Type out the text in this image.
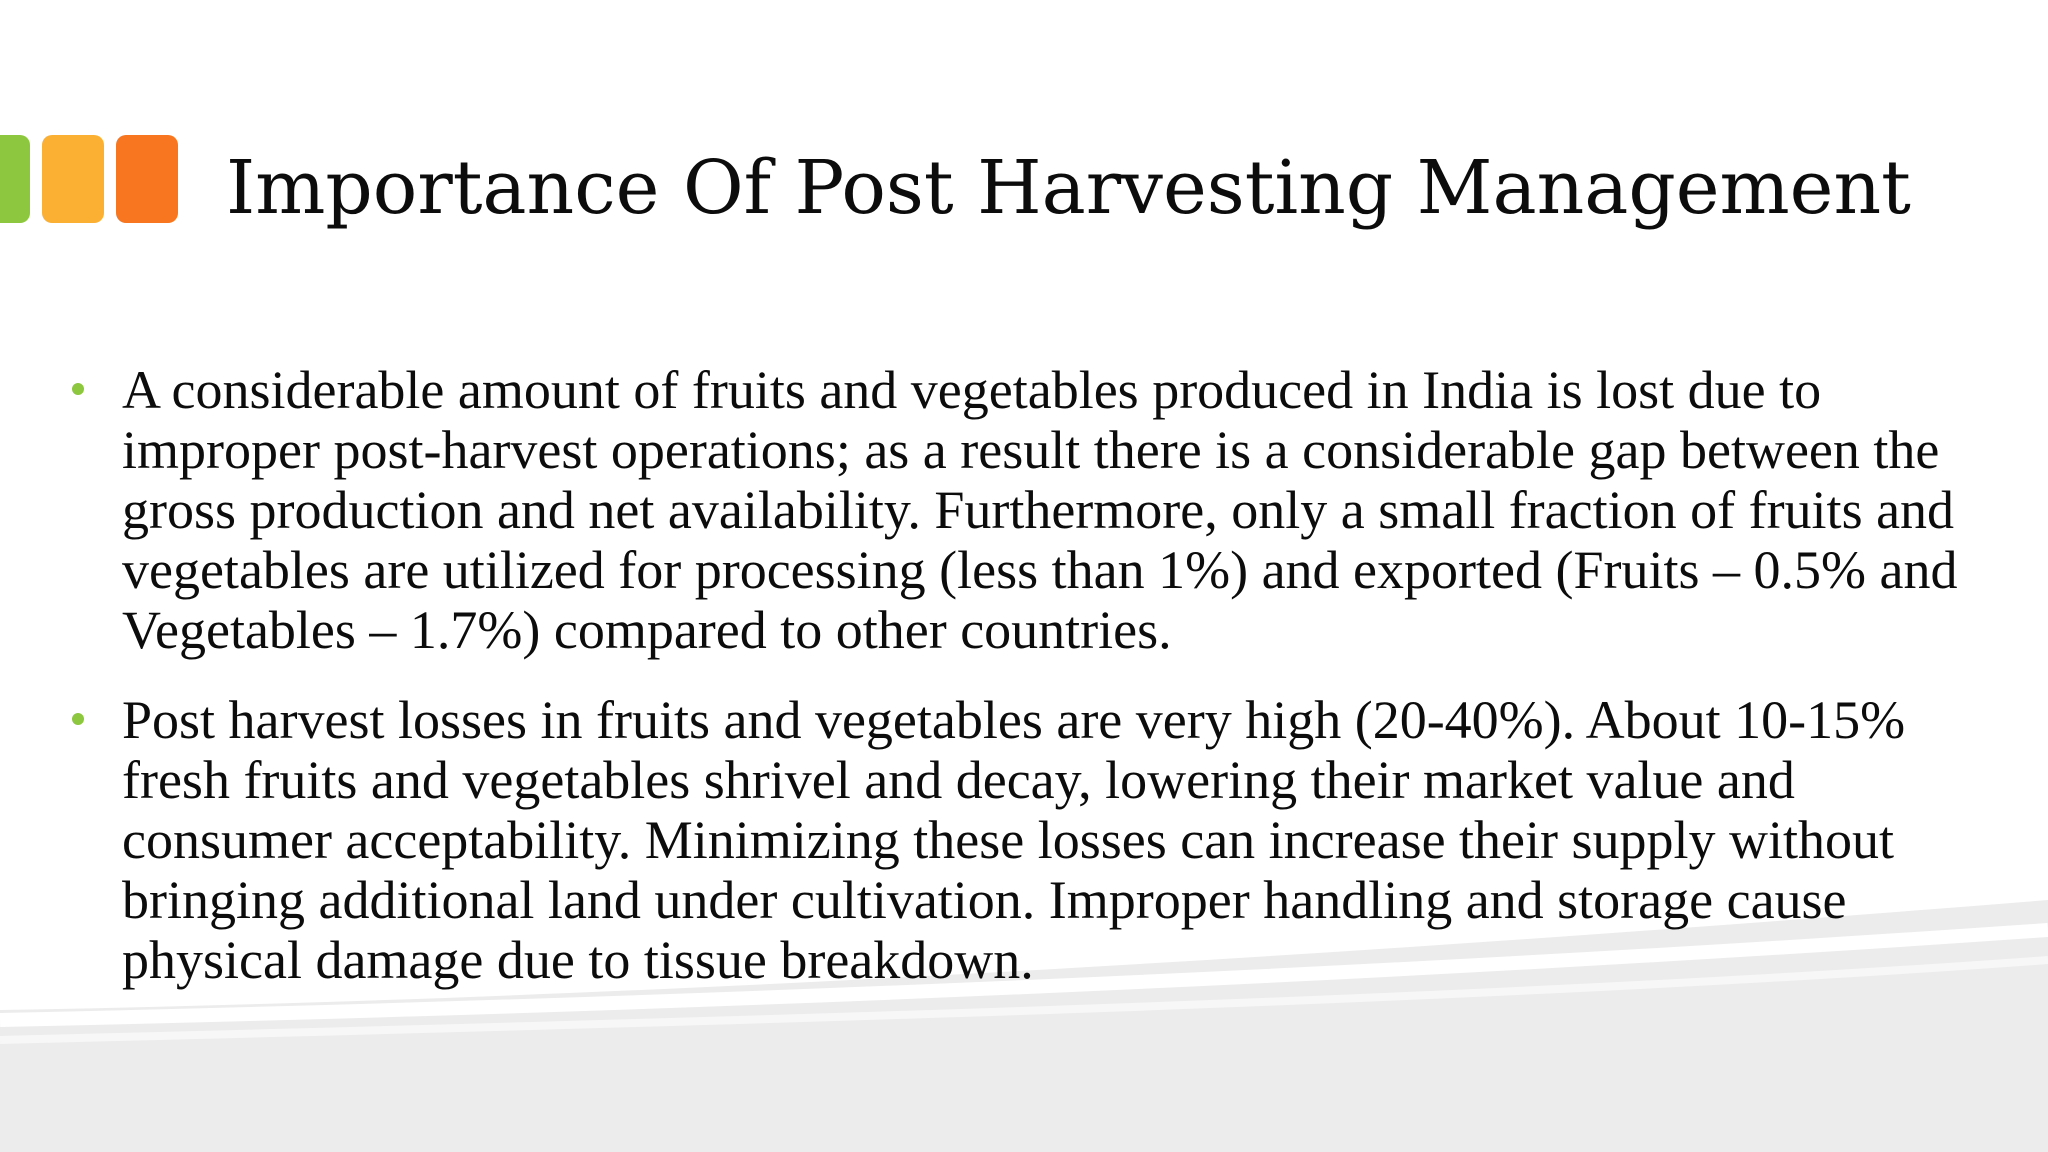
Importance Of Post Harvesting Management
A considerable amount of fruits and vegetables produced in India is lost due to improper post-harvest operations; as a result there is a considerable gap between the gross production and net availability. Furthermore, only a small fraction of fruits and vegetables are utilized for processing (less than 1%) and exported (Fruits – 0.5% and Vegetables – 1.7%) compared to other countries.
Post harvest losses in fruits and vegetables are very high (20-40%). About 10-15% fresh fruits and vegetables shrivel and decay, lowering their market value and consumer acceptability. Minimizing these losses can increase their supply without bringing additional land under cultivation. Improper handling and storage cause physical damage due to tissue breakdown.
